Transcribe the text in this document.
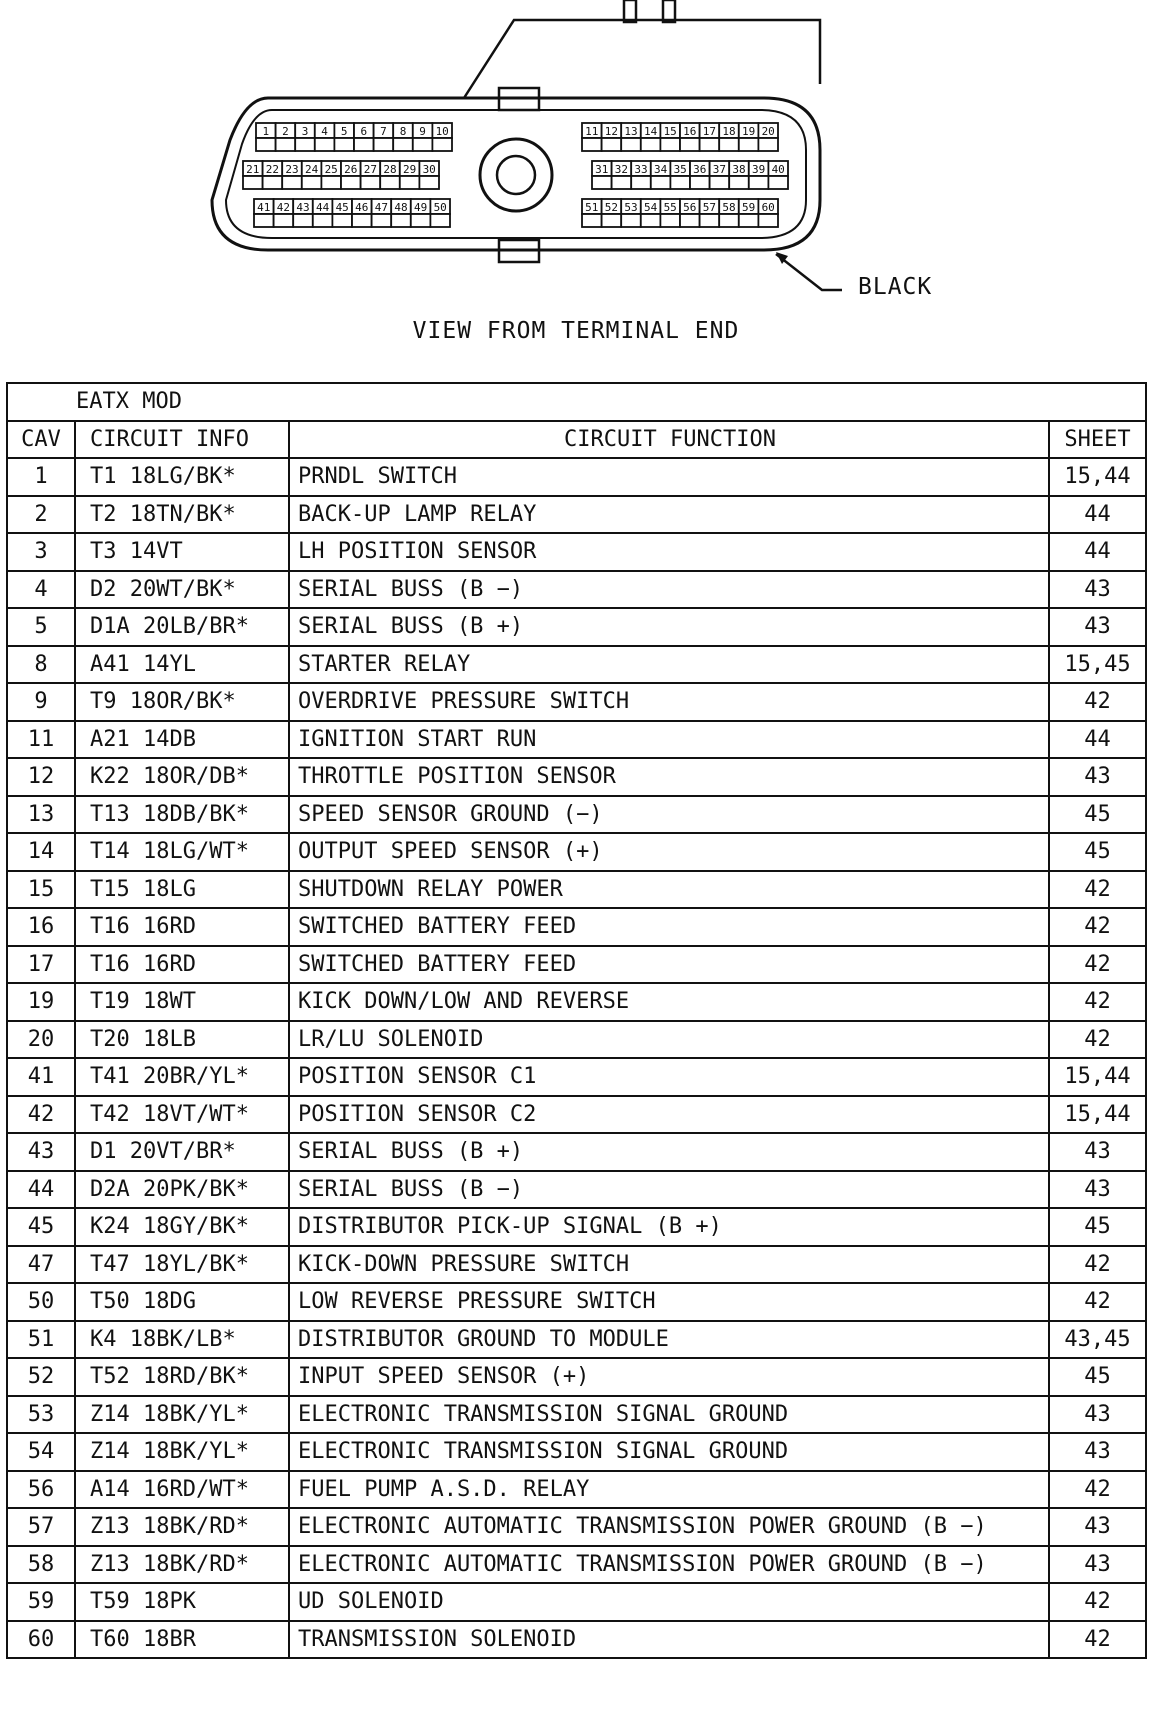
1 2 3 4 5 6 7 8 9 10	11 12 13 14 15 16 17 18 19 20
21 22 23 24 25 26 27 28 29 30	31 32 33 34 35 36 37 38 39 40
41 42 43 44 45 46 47 48 49 50	51 52 53 54 55 56 57 58 59 60
BLACK
VIEW FROM TERMINAL END
EATX MOD			
CAV	CIRCUIT INFO	CIRCUIT FUNCTION	SHEET
1	T1 18LG/BK*	PRNDL SWITCH	15,44
2	T2 18TN/BK*	BACK-UP LAMP RELAY	44
3	T3 14VT	LH POSITION SENSOR	44
4	D2 20WT/BK*	SERIAL BUSS (B −)	43
5	D1A 20LB/BR*	SERIAL BUSS (B +)	43
8	A41 14YL	STARTER RELAY	15,45
9	T9 18OR/BK*	OVERDRIVE PRESSURE SWITCH	42
11	A21 14DB	IGNITION START RUN	44
12	K22 18OR/DB*	THROTTLE POSITION SENSOR	43
13	T13 18DB/BK*	SPEED SENSOR GROUND (−)	45
14	T14 18LG/WT*	OUTPUT SPEED SENSOR (+)	45
15	T15 18LG	SHUTDOWN RELAY POWER	42
16	T16 16RD	SWITCHED BATTERY FEED	42
17	T16 16RD	SWITCHED BATTERY FEED	42
19	T19 18WT	KICK DOWN/LOW AND REVERSE	42
20	T20 18LB	LR/LU SOLENOID	42
41	T41 20BR/YL*	POSITION SENSOR C1	15,44
42	T42 18VT/WT*	POSITION SENSOR C2	15,44
43	D1 20VT/BR*	SERIAL BUSS (B +)	43
44	D2A 20PK/BK*	SERIAL BUSS (B −)	43
45	K24 18GY/BK*	DISTRIBUTOR PICK-UP SIGNAL (B +)	45
47	T47 18YL/BK*	KICK-DOWN PRESSURE SWITCH	42
50	T50 18DG	LOW REVERSE PRESSURE SWITCH	42
51	K4 18BK/LB*	DISTRIBUTOR GROUND TO MODULE	43,45
52	T52 18RD/BK*	INPUT SPEED SENSOR (+)	45
53	Z14 18BK/YL*	ELECTRONIC TRANSMISSION SIGNAL GROUND	43
54	Z14 18BK/YL*	ELECTRONIC TRANSMISSION SIGNAL GROUND	43
56	A14 16RD/WT*	FUEL PUMP A.S.D. RELAY	42
57	Z13 18BK/RD*	ELECTRONIC AUTOMATIC TRANSMISSION POWER GROUND (B −)	43
58	Z13 18BK/RD*	ELECTRONIC AUTOMATIC TRANSMISSION POWER GROUND (B −)	43
59	T59 18PK	UD SOLENOID	42
60	T60 18BR	TRANSMISSION SOLENOID	42
